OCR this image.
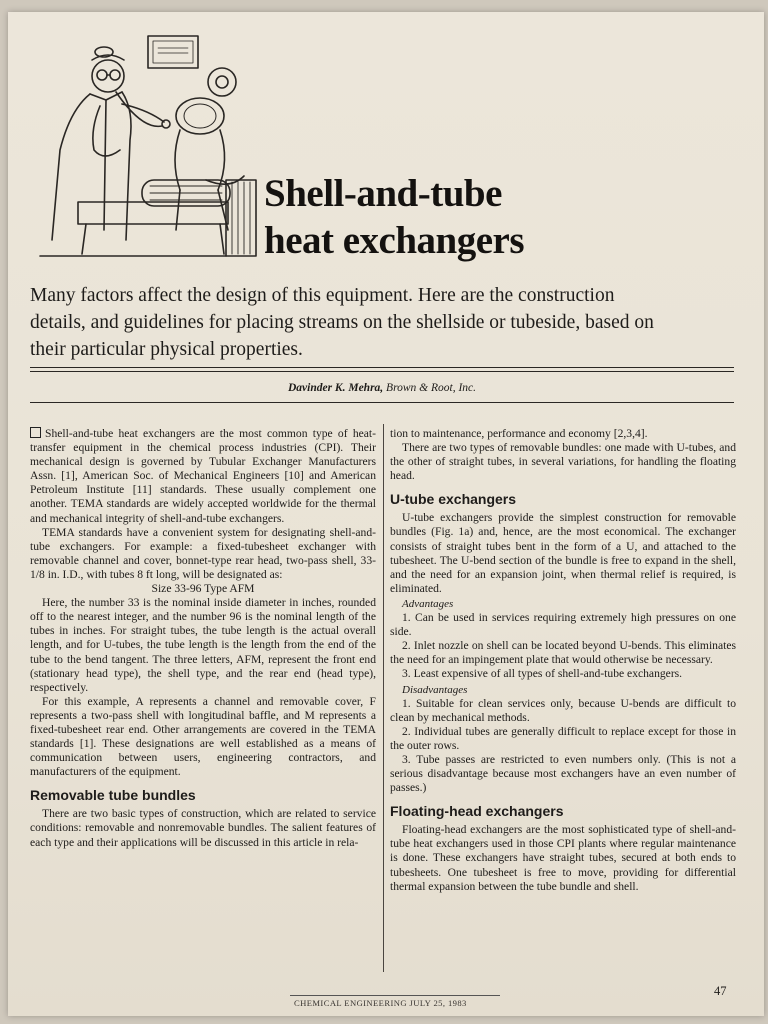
Shell-and-tube
heat exchangers

Many factors affect the design of this equipment. Here are the construction details, and guidelines for placing streams on the shellside or tubeside, based on their particular physical properties.

Davinder K. Mehra, Brown & Root, Inc.

Shell-and-tube heat exchangers are the most common type of heat-transfer equipment in the chemical process industries (CPI). Their mechanical design is governed by Tubular Exchanger Manufacturers Assn. [1], American Soc. of Mechanical Engineers [10] and American Petroleum Institute [11] standards. These usually complement one another. TEMA standards are widely accepted worldwide for the thermal and mechanical integrity of shell-and-tube exchangers.

TEMA standards have a convenient system for designating shell-and-tube exchangers. For example: a fixed-tubesheet exchanger with removable channel and cover, bonnet-type rear head, two-pass shell, 33-1/8 in. I.D., with tubes 8 ft long, will be designated as:

Size 33-96 Type AFM

Here, the number 33 is the nominal inside diameter in inches, rounded off to the nearest integer, and the number 96 is the nominal length of the tubes in inches. For straight tubes, the tube length is the actual overall length, and for U-tubes, the tube length is the length from the end of the tube to the bend tangent. The three letters, AFM, represent the front end (stationary head type), the shell type, and the rear end (head type), respectively.

For this example, A represents a channel and removable cover, F represents a two-pass shell with longitudinal baffle, and M represents a fixed-tubesheet rear end. Other arrangements are covered in the TEMA standards [1]. These designations are well established as a means of communication between users, engineering contractors, and manufacturers of the equipment.

Removable tube bundles

There are two basic types of construction, which are related to service conditions: removable and nonremovable bundles. The salient features of each type and their applications will be discussed in this article in rela-

tion to maintenance, performance and economy [2,3,4].

There are two types of removable bundles: one made with U-tubes, and the other of straight tubes, in several variations, for handling the floating head.

U-tube exchangers

U-tube exchangers provide the simplest construction for removable bundles (Fig. 1a) and, hence, are the most economical. The exchanger consists of straight tubes bent in the form of a U, and attached to the tubesheet. The U-bend section of the bundle is free to expand in the shell, and the need for an expansion joint, when thermal relief is required, is eliminated.

Advantages

1. Can be used in services requiring extremely high pressures on one side.

2. Inlet nozzle on shell can be located beyond U-bends. This eliminates the need for an impingement plate that would otherwise be necessary.

3. Least expensive of all types of shell-and-tube exchangers.

Disadvantages

1. Suitable for clean services only, because U-bends are difficult to clean by mechanical methods.

2. Individual tubes are generally difficult to replace except for those in the outer rows.

3. Tube passes are restricted to even numbers only. (This is not a serious disadvantage because most exchangers have an even number of passes.)

Floating-head exchangers

Floating-head exchangers are the most sophisticated type of shell-and-tube heat exchangers used in those CPI plants where regular maintenance is done. These exchangers have straight tubes, secured at both ends to tubesheets. One tubesheet is free to move, providing for differential thermal expansion between the tube bundle and shell.

CHEMICAL ENGINEERING JULY 25, 1983
47
